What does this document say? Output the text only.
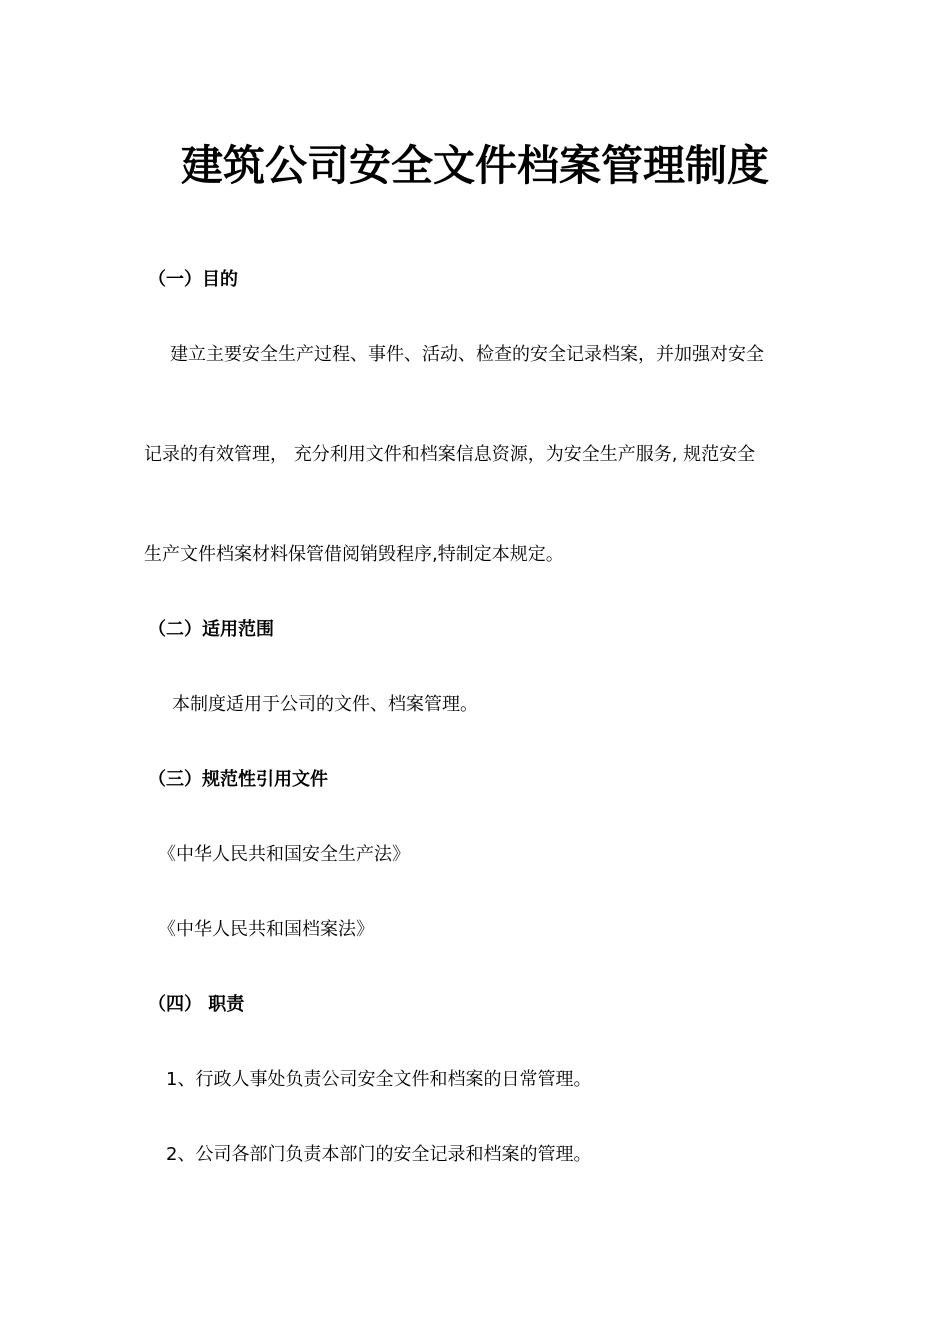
建筑公司安全文件档案管理制度
（一）目的
建立主要安全生产过程、事件、活动、检查的安全记录档案，并加强对安全
记录的有效管理， 充分利用文件和档案信息资源，为安全生产服务, 规范安全
生产文件档案材料保管借阅销毁程序,特制定本规定。
（二）适用范围
本制度适用于公司的文件、档案管理。
（三）规范性引用文件
《中华人民共和国安全生产法》
《中华人民共和国档案法》
（四） 职责
1、行政人事处负责公司安全文件和档案的日常管理。
2、公司各部门负责本部门的安全记录和档案的管理。
